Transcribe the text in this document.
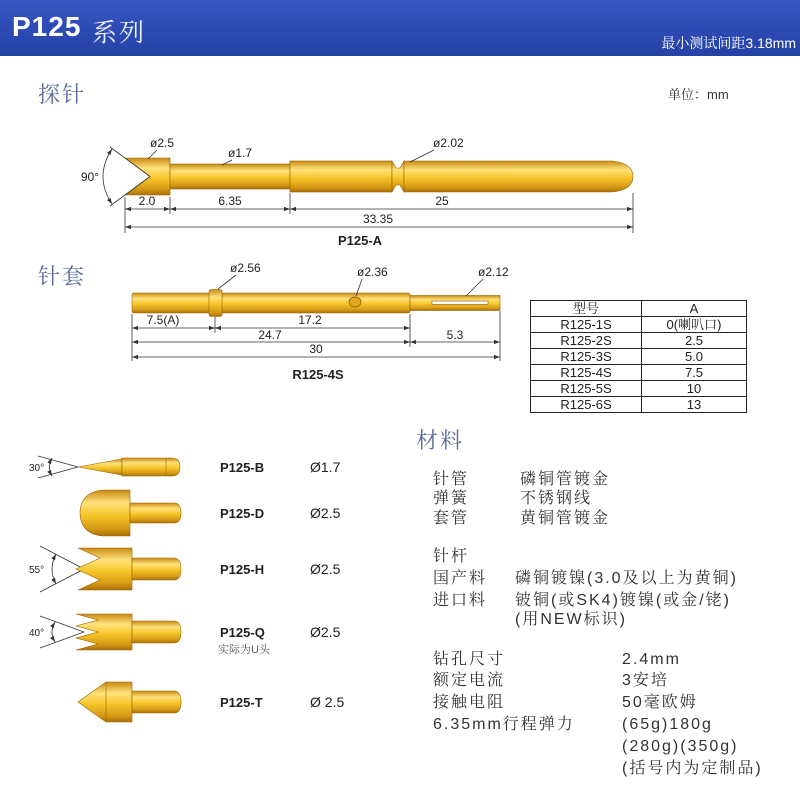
P125 系列	最小测试间距3.18mm
探针	单位：mm
针套
90°
ø2.5
ø1.7
ø2.02
2.0	6.35	25
33.35
P125-A
ø2.56	ø2.36	ø2.12
7.5(A)	17.2
24.7	5.3
30
R125-4S
30°	P125-B	Ø1.7
P125-D	Ø2.5
55°	P125-H	Ø2.5
40°	P125-Q	Ø2.5
实际为U头
P125-T	Ø 2.5
型号	A
R125-1S	0(喇叭口)
R125-2S	2.5
R125-3S	5.0
R125-4S	7.5
R125-5S	10
R125-6S	13
材料
针管	磷铜管镀金
弹簧	不锈钢线
套管	黄铜管镀金
针杆
国产料 磷铜镀镍(3.0及以上为黄铜)
进口料 铍铜(或SK4)镀镍(或金/铑)
(用NEW标识)
钻孔尺寸	2.4mm
额定电流	3安培
接触电阻	50毫欧姆
6.35mm行程弹力	(65g)180g
(280g)(350g)
(括号内为定制品)
